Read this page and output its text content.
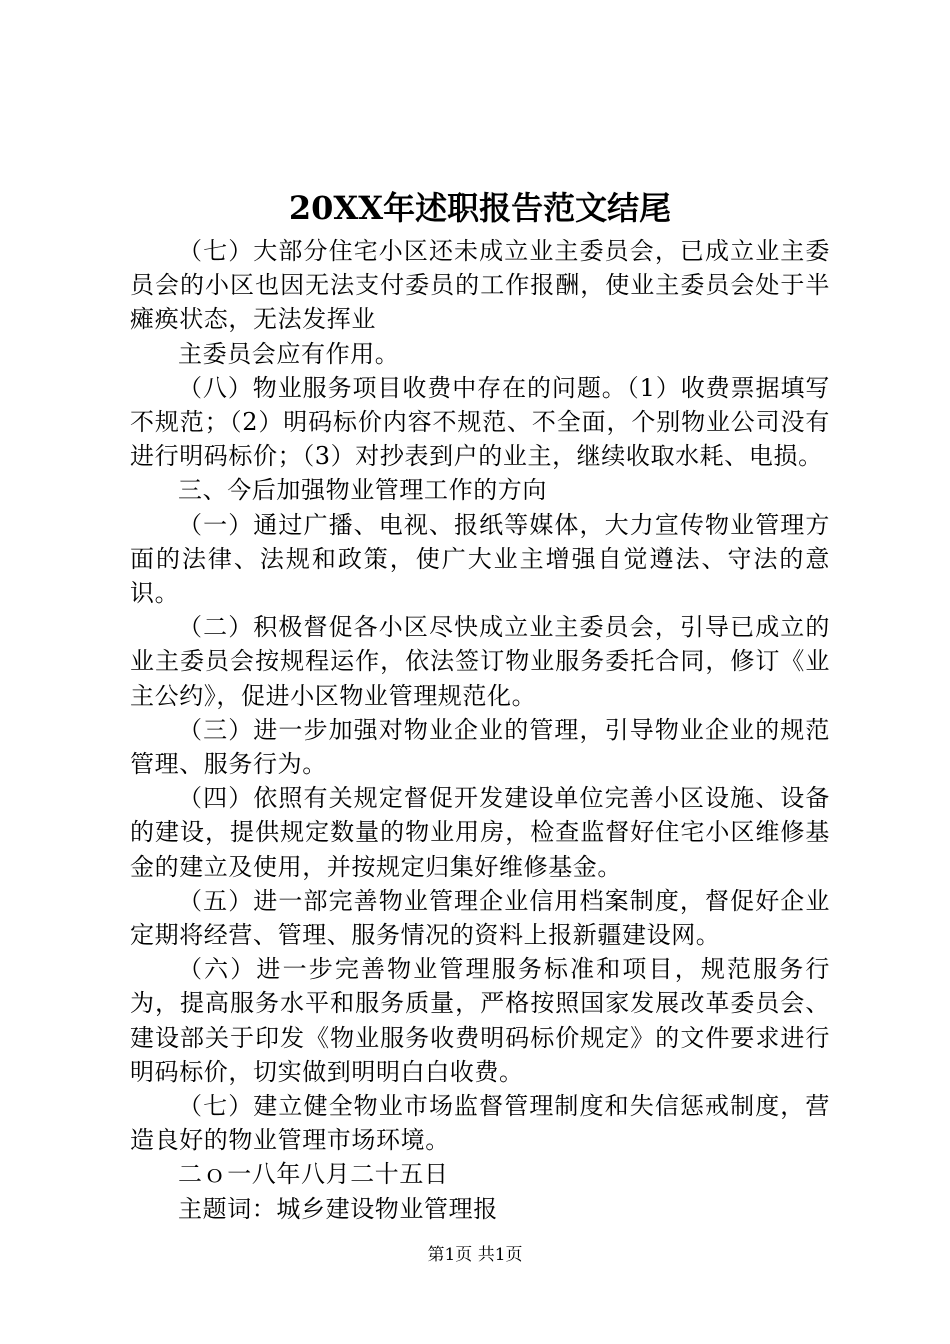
20XX年述职报告范文结尾

（七）大部分住宅小区还未成立业主委员会，已成立业主委员会的小区也因无法支付委员的工作报酬，使业主委员会处于半瘫痪状态，无法发挥业

主委员会应有作用。

（八）物业服务项目收费中存在的问题。（1）收费票据填写不规范；（2）明码标价内容不规范、不全面，个别物业公司没有进行明码标价；（3）对抄表到户的业主，继续收取水耗、电损。

三、今后加强物业管理工作的方向

（一）通过广播、电视、报纸等媒体，大力宣传物业管理方面的法律、法规和政策，使广大业主增强自觉遵法、守法的意识。

（二）积极督促各小区尽快成立业主委员会，引导已成立的业主委员会按规程运作，依法签订物业服务委托合同，修订《业主公约》，促进小区物业管理规范化。

（三）进一步加强对物业企业的管理，引导物业企业的规范管理、服务行为。

（四）依照有关规定督促开发建设单位完善小区设施、设备的建设，提供规定数量的物业用房，检查监督好住宅小区维修基金的建立及使用，并按规定归集好维修基金。

（五）进一部完善物业管理企业信用档案制度，督促好企业定期将经营、管理、服务情况的资料上报新疆建设网。

（六）进一步完善物业管理服务标准和项目，规范服务行为，提高服务水平和服务质量，严格按照国家发展改革委员会、建设部关于印发《物业服务收费明码标价规定》的文件要求进行明码标价，切实做到明明白白收费。

（七）建立健全物业市场监督管理制度和失信惩戒制度，营造良好的物业管理市场环境。

二ｏ一八年八月二十五日

主题词：城乡建设物业管理报

第1页 共1页
